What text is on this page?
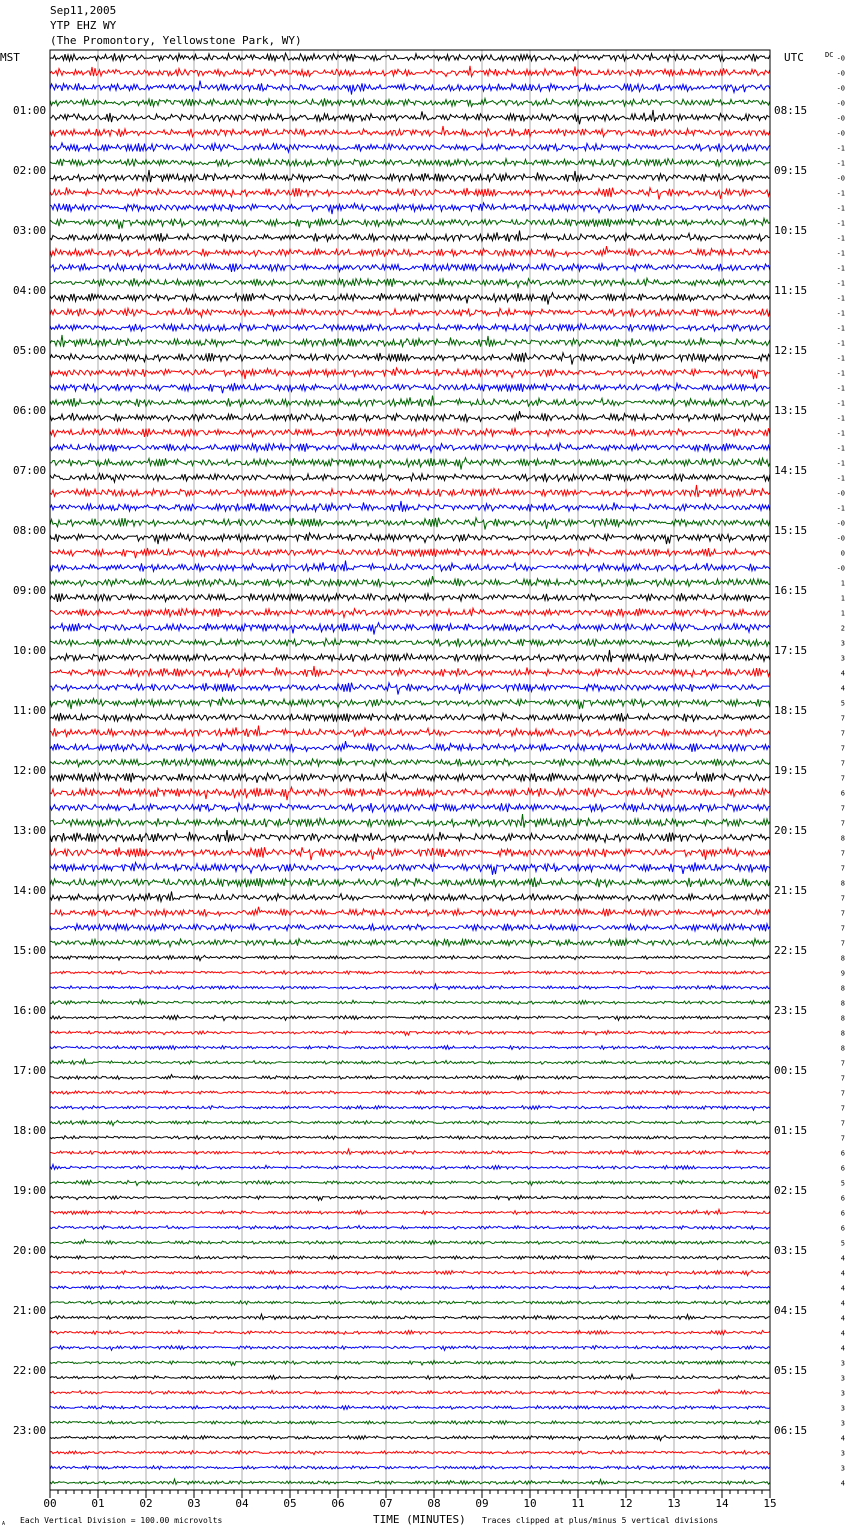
Sep11,2005
YTP EHZ WY
(The Promontory, Yellowstone Park, WY)
MST	UTC	DC
01:00
02:00
03:00
04:00
05:00
06:00
07:00
08:00
09:00
10:00
11:00
12:00
13:00
14:00
15:00
16:00
17:00
18:00
19:00
20:00
21:00
22:00
23:00
08:15
09:15
10:15
11:15
12:15
13:15
14:15
15:15
16:15
17:15
18:15
19:15
20:15
21:15
22:15
23:15
00:15
01:15
02:15
03:15
04:15
05:15
06:15
-0
-0
-0
-0
-0
-0
-1
-1
-0
-1
-1
-1
-1
-1
-1
-1
-1
-1
-1
-1
-1
-1
-1
-1
-1
-1
-1
-1
-1
-0
-1
-0
-0
0
-0
1
1
1
2
3
3
4
4
5
7
7
7
7
7
6
7
7
8
7
7
8
7
7
7
7
8
9
8
8
8
8
8
7
7
7
7
7
7
6
6
5
6
6
6
5
4
4
4
4
4
4
4
3
3
3
3
3
4
3
3
4
00	01	02	03	04	05	06	07	08	09	10	11	12	13	14	15
A Each Vertical Division = 100.00 microvolts	TIME (MINUTES) Traces clipped at plus/minus 5 vertical divisions
